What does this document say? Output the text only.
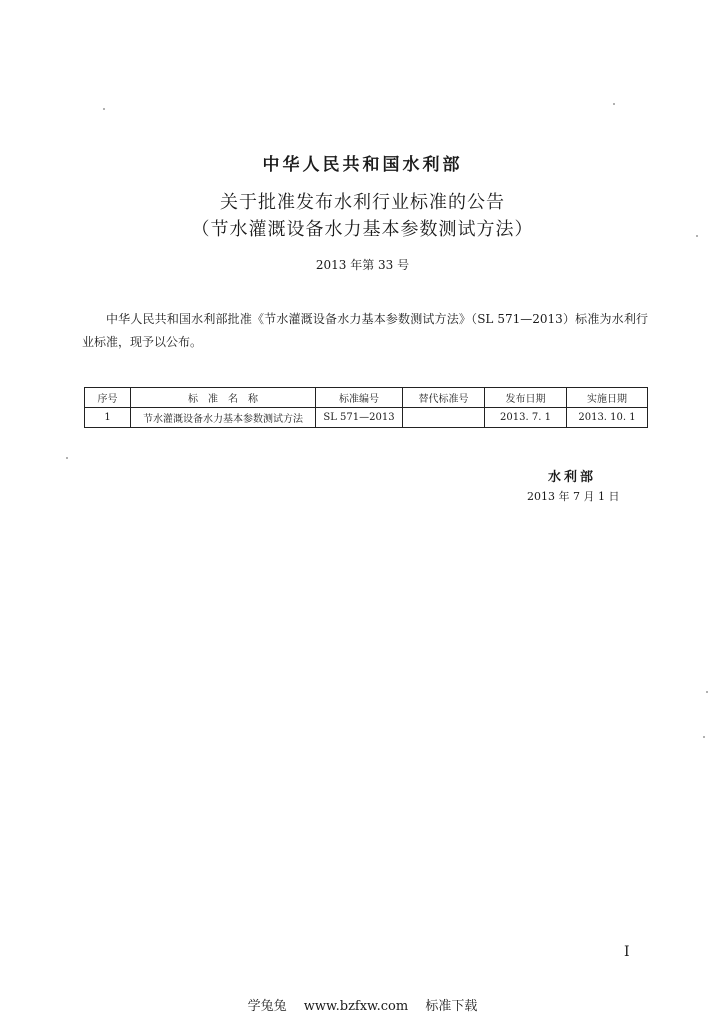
中华人民共和国水利部
关于批准发布水利行业标准的公告
（节水灌溉设备水力基本参数测试方法）
2013 年第 33 号
中华人民共和国水利部批准《节水灌溉设备水力基本参数测试方法》（SL 571—2013）标准为水利行业标准，现予以公布。
序号	标　准　名　称	标准编号	替代标准号	发布日期	实施日期
1	节水灌溉设备水力基本参数测试方法	SL 571—2013		2013. 7. 1	2013. 10. 1
水利部
2013 年 7 月 1 日
I
学兔兔　 www.bzfxw.com　 标准下载
